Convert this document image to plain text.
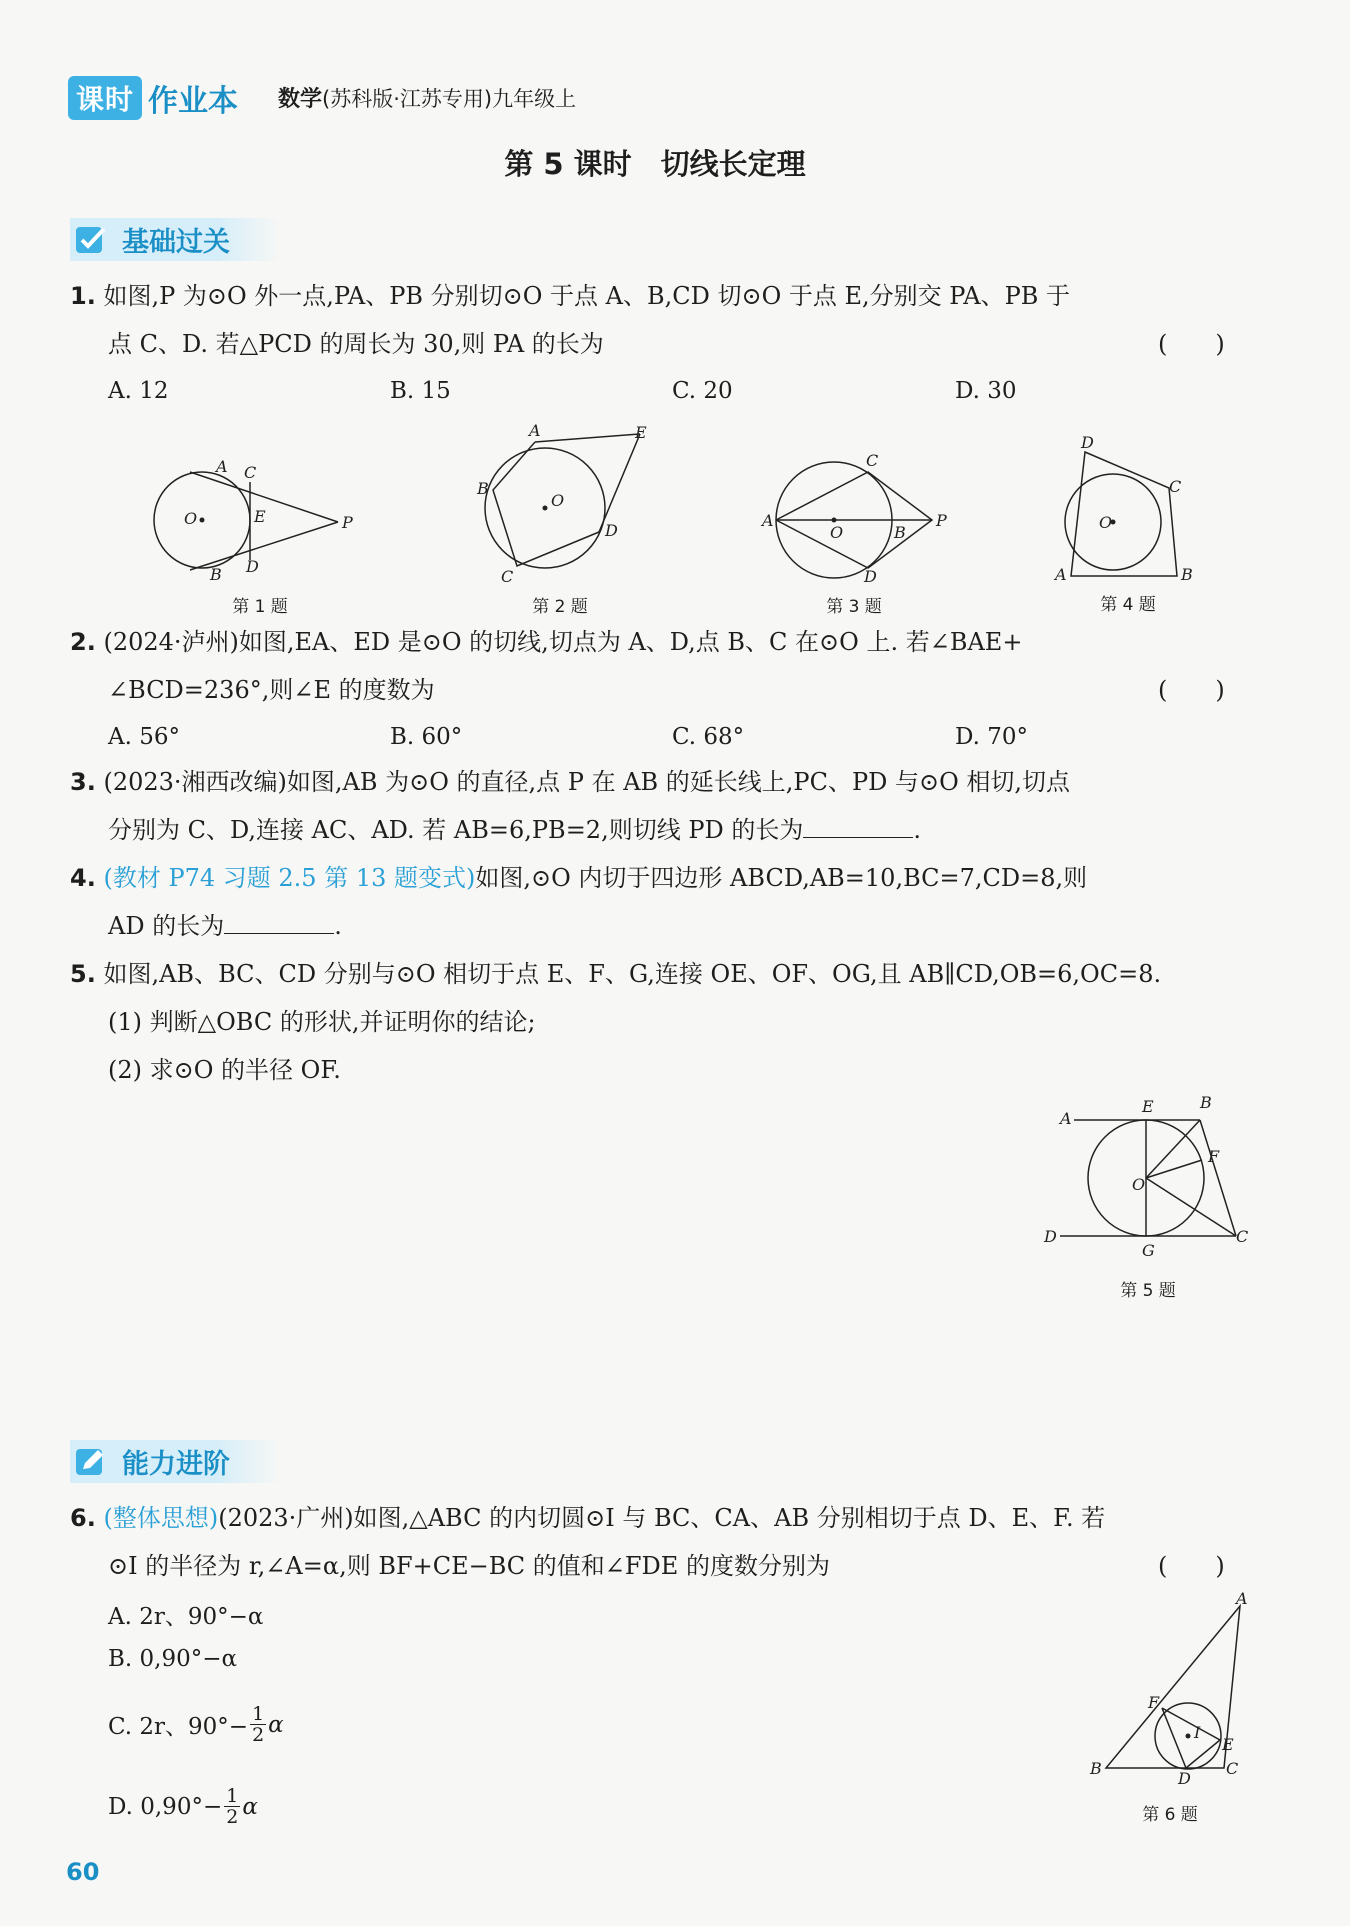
课时 作业本 数学(苏科版·江苏专用)九年级上
第 5 课时　切线长定理
基础过关
1. 如图,P 为⊙O 外一点,PA、PB 分别切⊙O 于点 A、B,CD 切⊙O 于点 E,分别交 PA、PB 于
点 C、D. 若△PCD 的周长为 30,则 PA 的长为	(　　)
A. 12	B. 15	C. 20	D. 30
A C
O	E	P
B D
第 1 题
A	E
B
O
D
C
第 2 题
C
A
O	B
P
D
第 3 题
D
C
O
A	B
第 4 题
2. (2024·泸州)如图,EA、ED 是⊙O 的切线,切点为 A、D,点 B、C 在⊙O 上. 若∠BAE+
∠BCD=236°,则∠E 的度数为	(　　)
A. 56°	B. 60°	C. 68°	D. 70°
3. (2023·湘西改编)如图,AB 为⊙O 的直径,点 P 在 AB 的延长线上,PC、PD 与⊙O 相切,切点
分别为 C、D,连接 AC、AD. 若 AB=6,PB=2,则切线 PD 的长为	.
4. (教材 P74 习题 2.5 第 13 题变式)如图,⊙O 内切于四边形 ABCD,AB=10,BC=7,CD=8,则
AD 的长为	.
5. 如图,AB、BC、CD 分别与⊙O 相切于点 E、F、G,连接 OE、OF、OG,且 AB∥CD,OB=6,OC=8.
(1) 判断△OBC 的形状,并证明你的结论;
(2) 求⊙O 的半径 OF.
A
E	B
F
O
D
G
C
第 5 题
能力进阶
6. (整体思想)(2023·广州)如图,△ABC 的内切圆⊙I 与 BC、CA、AB 分别相切于点 D、E、F. 若
⊙I 的半径为 r,∠A=α,则 BF+CE−BC 的值和∠FDE 的度数分别为	(　　)
A. 2r、90°−α
B. 0,90°−α
C. 2r、$90^\circ- \frac{1}{2}$ α
D. $0,90^\circ- \frac{1}{2}$ α
A
F
I
E
B
D
C
第 6 题
60
